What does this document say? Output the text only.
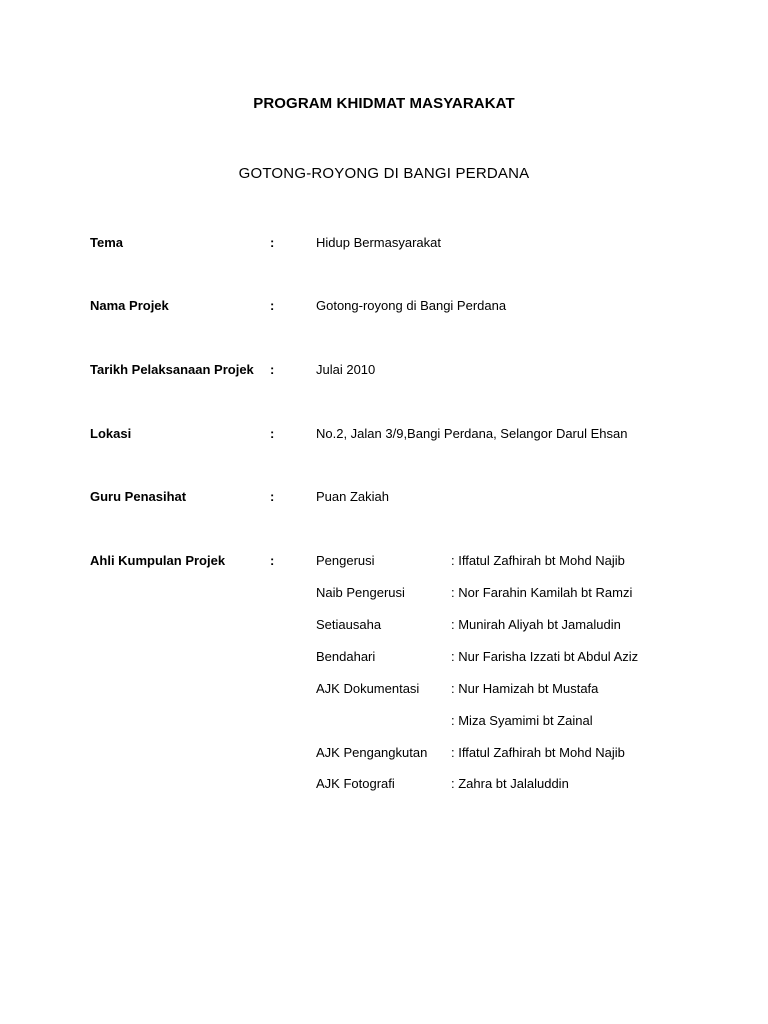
PROGRAM KHIDMAT MASYARAKAT
GOTONG-ROYONG DI BANGI PERDANA
Tema	:	Hidup Bermasyarakat
Nama Projek	:	Gotong-royong di Bangi Perdana
Tarikh Pelaksanaan Projek :	Julai 2010
Lokasi	:	No.2, Jalan 3/9,Bangi Perdana, Selangor Darul Ehsan
Guru Penasihat	:	Puan Zakiah
Ahli Kumpulan Projek	:	Pengerusi	: Iffatul Zafhirah bt Mohd Najib
Naib Pengerusi	: Nor Farahin Kamilah bt Ramzi
Setiausaha	: Munirah Aliyah bt Jamaludin
Bendahari	: Nur Farisha Izzati bt Abdul Aziz
AJK Dokumentasi : Nur Hamizah bt Mustafa
: Miza Syamimi bt Zainal
AJK Pengangkutan : Iffatul Zafhirah bt Mohd Najib
AJK Fotografi	: Zahra bt Jalaluddin
